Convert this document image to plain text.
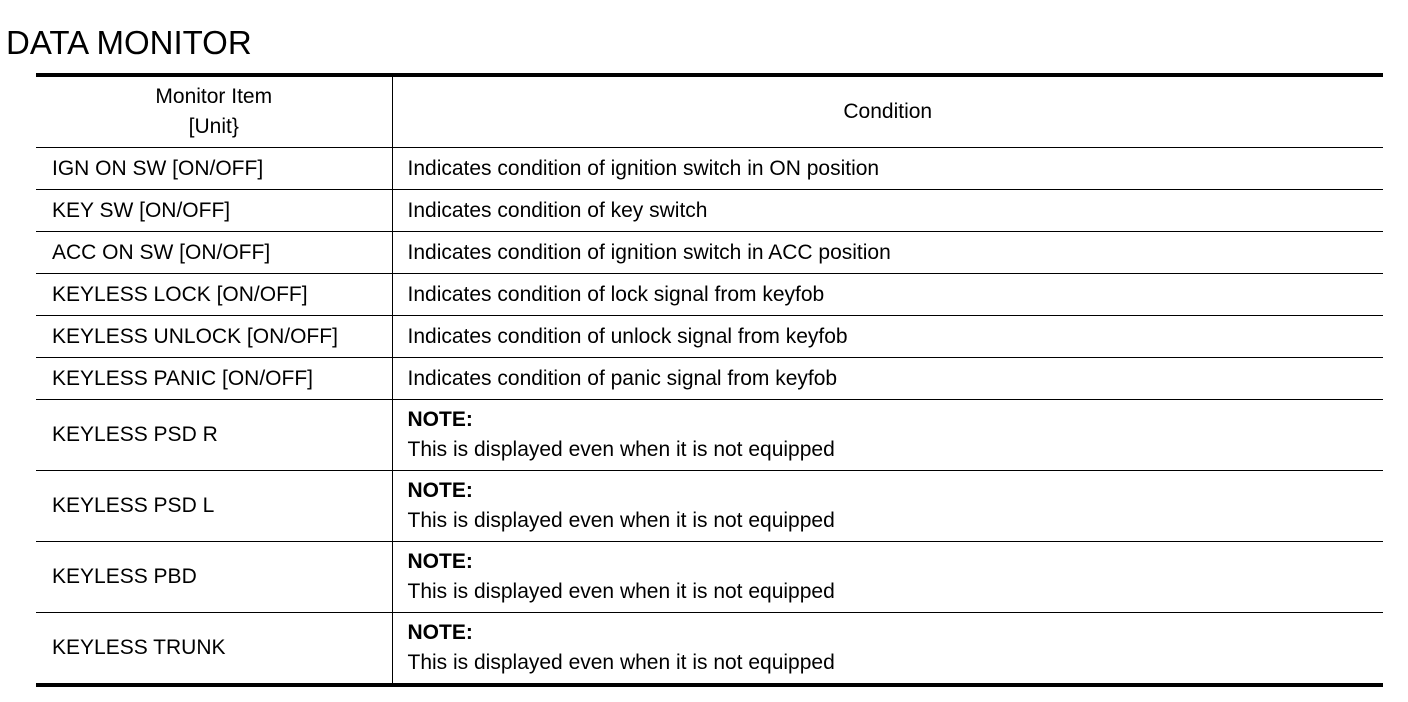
DATA MONITOR
Monitor Item
[Unit}	Condition
IGN ON SW [ON/OFF]	Indicates condition of ignition switch in ON position
KEY SW [ON/OFF]	Indicates condition of key switch
ACC ON SW [ON/OFF]	Indicates condition of ignition switch in ACC position
KEYLESS LOCK [ON/OFF]	Indicates condition of lock signal from keyfob
KEYLESS UNLOCK [ON/OFF]	Indicates condition of unlock signal from keyfob
KEYLESS PANIC [ON/OFF]	Indicates condition of panic signal from keyfob
KEYLESS PSD R	NOTE:
This is displayed even when it is not equipped

KEYLESS PSD L	NOTE:
This is displayed even when it is not equipped

KEYLESS PBD	NOTE:
This is displayed even when it is not equipped

KEYLESS TRUNK	NOTE:
This is displayed even when it is not equipped
